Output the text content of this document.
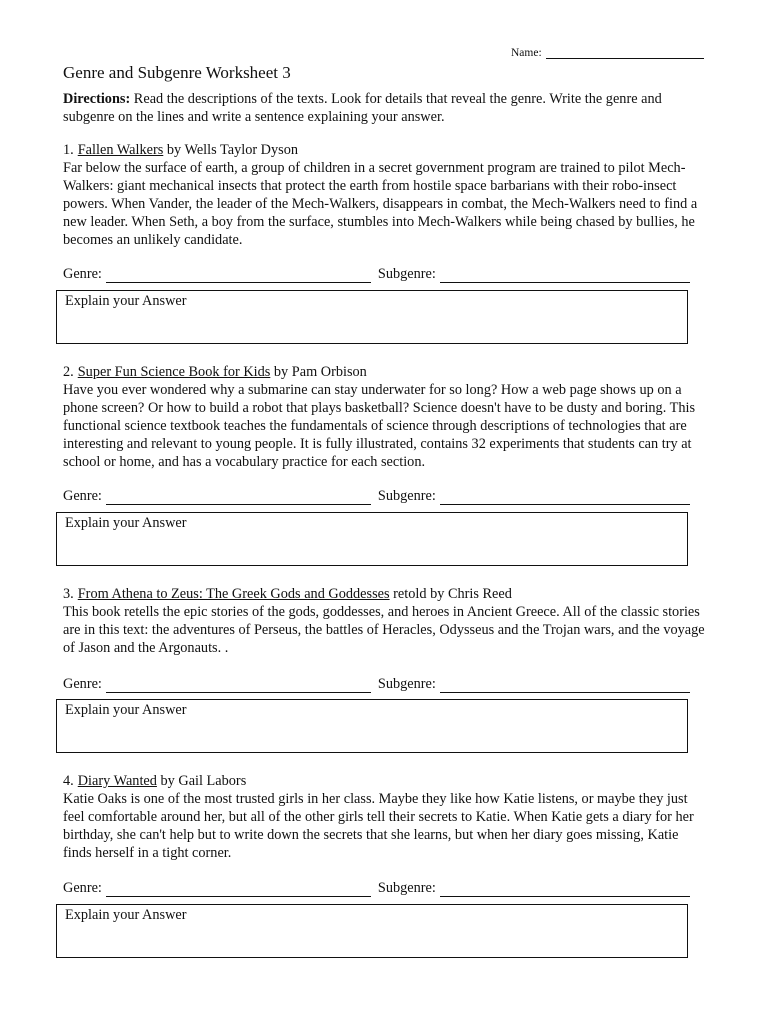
Name:
Genre and Subgenre Worksheet 3
Directions: Read the descriptions of the texts. Look for details that reveal the genre. Write the genre and subgenre on the lines and write a sentence explaining your answer.
1. Fallen Walkers by Wells Taylor Dyson
Far below the surface of earth, a group of children in a secret government program are trained to pilot Mech-Walkers: giant mechanical insects that protect the earth from hostile space barbarians with their robo-insect powers. When Vander, the leader of the Mech-Walkers, disappears in combat, the Mech-Walkers need to find a new leader. When Seth, a boy from the surface, stumbles into Mech-Walkers while being chased by bullies, he becomes an unlikely candidate.
Genre:	Subgenre:
Explain your Answer
2. Super Fun Science Book for Kids by Pam Orbison
Have you ever wondered why a submarine can stay underwater for so long? How a web page shows up on a phone screen? Or how to build a robot that plays basketball? Science doesn't have to be dusty and boring. This functional science textbook teaches the fundamentals of science through descriptions of technologies that are interesting and relevant to young people. It is fully illustrated, contains 32 experiments that students can try at school or home, and has a vocabulary practice for each section.
Genre:	Subgenre:
Explain your Answer
3. From Athena to Zeus: The Greek Gods and Goddesses retold by Chris Reed
This book retells the epic stories of the gods, goddesses, and heroes in Ancient Greece. All of the classic stories are in this text: the adventures of Perseus, the battles of Heracles, Odysseus and the Trojan wars, and the voyage of Jason and the Argonauts. .
Genre:	Subgenre:
Explain your Answer
4. Diary Wanted by Gail Labors
Katie Oaks is one of the most trusted girls in her class. Maybe they like how Katie listens, or maybe they just feel comfortable around her, but all of the other girls tell their secrets to Katie. When Katie gets a diary for her birthday, she can't help but to write down the secrets that she learns, but when her diary goes missing, Katie finds herself in a tight corner.
Genre:	Subgenre:
Explain your Answer
